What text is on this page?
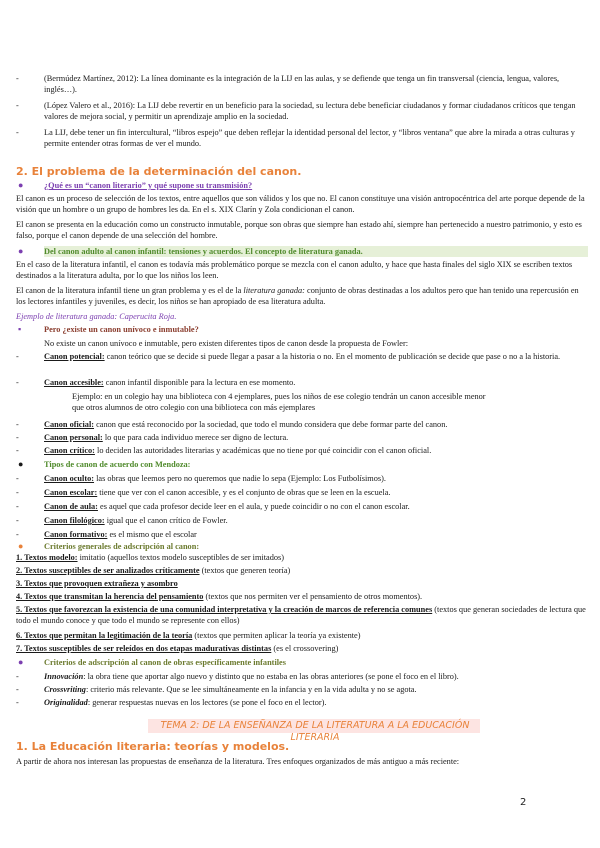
-	(Bermúdez Martínez, 2012): La línea dominante es la integración de la LIJ en las aulas, y se defiende que tenga un fin transversal (ciencia, lengua, valores, inglés…).
-	(López Valero et al., 2016): La LIJ debe revertir en un beneficio para la sociedad, su lectura debe beneficiar ciudadanos y formar ciudadanos críticos que tengan valores de mejora social, y permitir un aprendizaje amplio en la sociedad.
-	La LIJ, debe tener un fin intercultural, “libros espejo” que deben reflejar la identidad personal del lector, y “libros ventana” que abre la mirada a otras culturas y permite entender otras formas de ver el mundo.
2. El problema de la determinación del canon.
● ¿Qué es un “canon literario” y qué supone su transmisión?

El canon es un proceso de selección de los textos, entre aquellos que son válidos y los que no. El canon constituye una visión antropocéntrica del arte porque depende de la visión que un hombre o un grupo de hombres les da. En el s. XIX Clarín y Zola condicionan el canon.

El canon se presenta en la educación como un constructo inmutable, porque son obras que siempre han estado ahí, siempre han pertenecido a nuestro patrimonio, y esto es falso, porque el canon depende de una selección del hombre.

● Del canon adulto al canon infantil: tensiones y acuerdos. El concepto de literatura ganada.

En el caso de la literatura infantil, el canon es todavía más problemático porque se mezcla con el canon adulto, y hace que hasta finales del siglo XIX se escriben textos destinados a la literatura adulta, por lo que los niños los leen.

El canon de la literatura infantil tiene un gran problema y es el de la literatura ganada: conjunto de obras destinadas a los adultos pero que han tenido una repercusión en los lectores infantiles y juveniles, es decir, los niños se han apropiado de esa literatura adulta.

Ejemplo de literatura ganada: Caperucita Roja.

▪	Pero ¿existe un canon unívoco e inmutable?

No existe un canon unívoco e inmutable, pero existen diferentes tipos de canon desde la propuesta de Fowler:

-	Canon potencial: canon teórico que se decide si puede llegar a pasar a la historia o no. En el momento de publicación se decide que pase o no a la historia.
-	Canon accesible: canon infantil disponible para la lectura en ese momento.

Ejemplo: en un colegio hay una biblioteca con 4 ejemplares, pues los niños de ese colegio tendrán un canon accesible menor que otros alumnos de otro colegio con una biblioteca con más ejemplares

-	Canon oficial: canon que está reconocido por la sociedad, que todo el mundo considera que debe formar parte del canon.
-	Canon personal: lo que para cada individuo merece ser digno de lectura.
-	Canon crítico: lo deciden las autoridades literarias y académicas que no tiene por qué coincidir con el canon oficial.
● Tipos de canon de acuerdo con Mendoza:
-	Canon oculto: las obras que leemos pero no queremos que nadie lo sepa (Ejemplo: Los Futbolísimos).
-	Canon escolar: tiene que ver con el canon accesible, y es el conjunto de obras que se leen en la escuela.
-	Canon de aula: es aquel que cada profesor decide leer en el aula, y puede coincidir o no con el canon escolar.
-	Canon filológico: igual que el canon crítico de Fowler.
-	Canon formativo: es el mismo que el escolar
● Criterios generales de adscripción al canon:

1. Textos modelo: imitatio (aquellos textos modelo susceptibles de ser imitados)

2. Textos susceptibles de ser analizados críticamente (textos que generen teoría)

3. Textos que provoquen extrañeza y asombro

4. Textos que transmitan la herencia del pensamiento (textos que nos permiten ver el pensamiento de otros momentos).

5. Textos que favorezcan la existencia de una comunidad interpretativa y la creación de marcos de referencia comunes (textos que generan sociedades de lectura que todo el mundo conoce y que todo el mundo se represente con ellos)

6. Textos que permitan la legitimación de la teoría (textos que permiten aplicar la teoría ya existente)

7. Textos susceptibles de ser releídos en dos etapas madurativas distintas (es el crossovering)

● Criterios de adscripción al canon de obras específicamente infantiles
-	Innovación: la obra tiene que aportar algo nuevo y distinto que no estaba en las obras anteriores (se pone el foco en el libro).
-	Crossvriting: criterio más relevante. Que se lee simultáneamente en la infancia y en la vida adulta y no se agota.
TEMA 2: DE LA ENSEÑANZA DE LA LITERATURA A LA EDUCACIÓN LITERARIA
1. La Educación literaria: teorías y modelos.

A partir de ahora nos interesan las propuestas de enseñanza de la literatura. Tres enfoques organizados de más antiguo a más reciente:

2
-	Originalidad: generar respuestas nuevas en los lectores (se pone el foco en el lector).
